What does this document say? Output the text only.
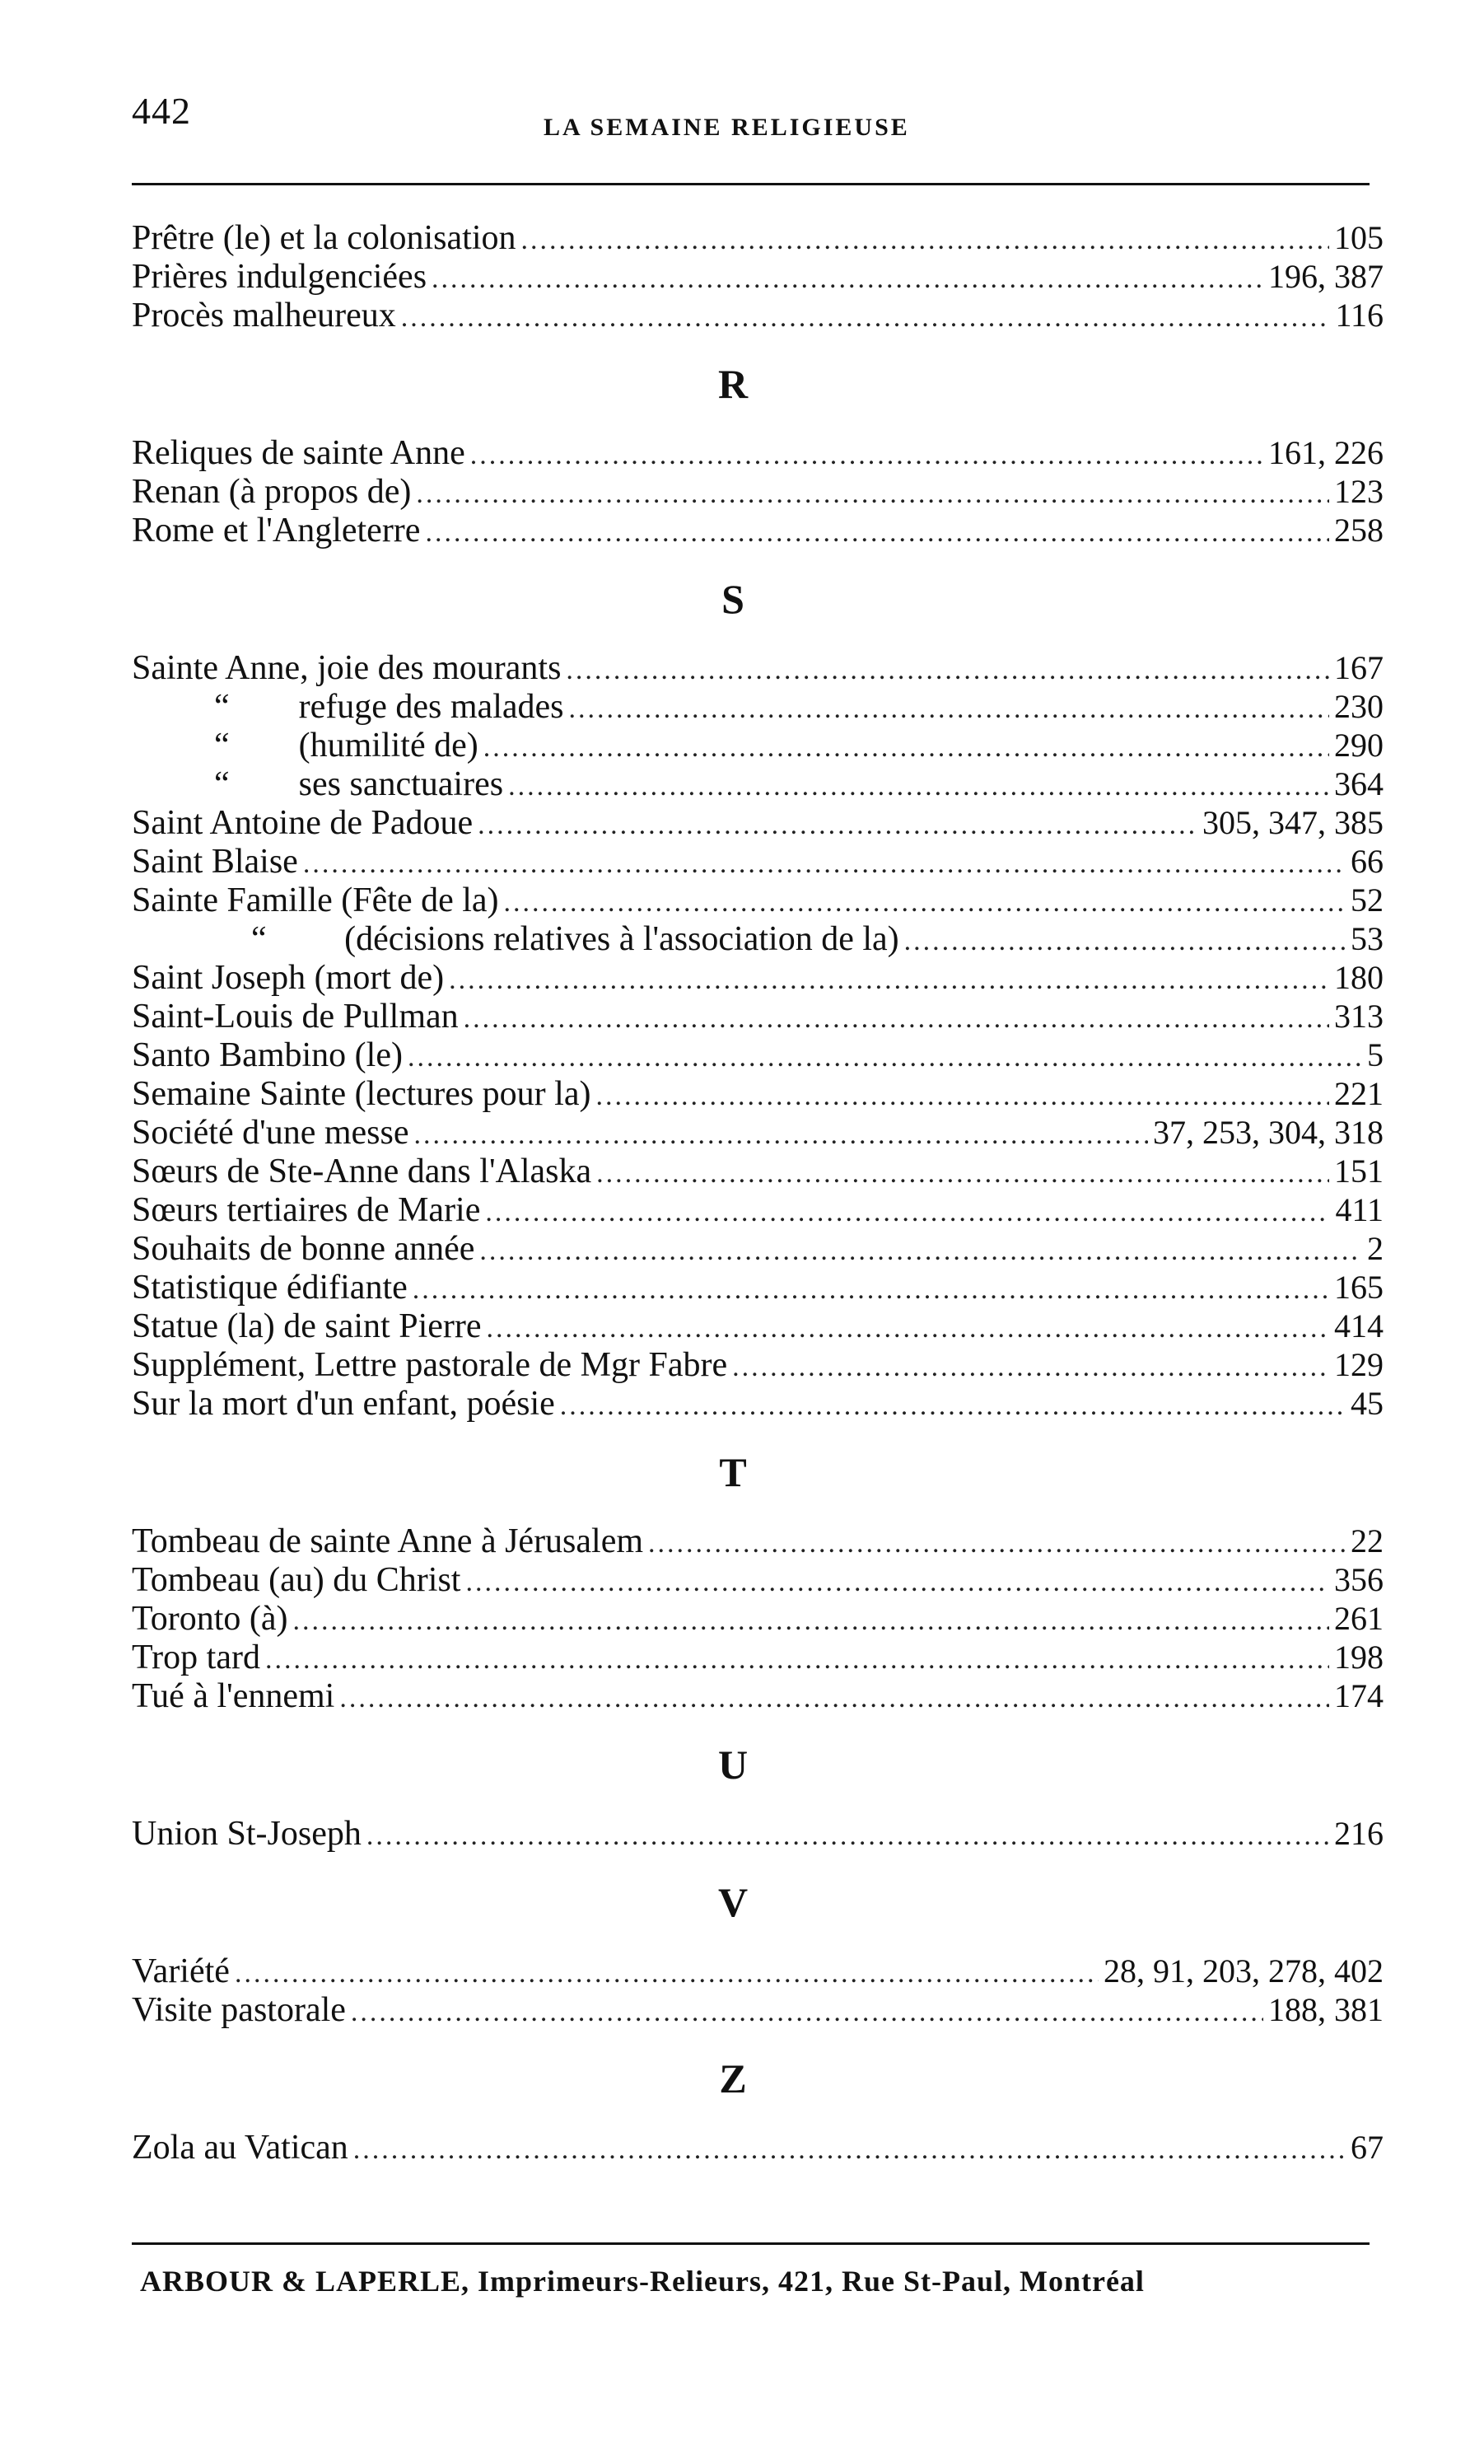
442	LA SEMAINE RELIGIEUSE
Prêtre (le) et la colonisation .....	105
Prières indulgenciées .....	196, 387
Procès malheureux .....	116
R
Reliques de sainte Anne .....	161, 226
Renan (à propos de) .....	123
Rome et l'Angleterre .....	258
S
Sainte Anne, joie des mourants .....	167
“        refuge des malades .....	230
“        (humilité de) .....	290
“        ses sanctuaires .....	364
Saint Antoine de Padoue .....	305, 347, 385
Saint Blaise .....	66
Sainte Famille (Fête de la) .....	52
“         (décisions relatives à l'association de la) .....	53
Saint Joseph (mort de) .....	180
Saint-Louis de Pullman .....	313
Santo Bambino (le) .....	5
Semaine Sainte (lectures pour la) .....	221
Société d'une messe .....	37, 253, 304, 318
Sœurs de Ste-Anne dans l'Alaska .....	151
Sœurs tertiaires de Marie .....	411
Souhaits de bonne année .....	2
Statistique édifiante .....	165
Statue (la) de saint Pierre .....	414
Supplément, Lettre pastorale de Mgr Fabre .....	129
Sur la mort d'un enfant, poésie .....	45
T
Tombeau de sainte Anne à Jérusalem .....	22
Tombeau (au) du Christ .....	356
Toronto (à) .....	261
Trop tard .....	198
Tué à l'ennemi .....	174
U
Union St-Joseph .....	216
V
Variété .....	28, 91, 203, 278, 402
Visite pastorale .....	188, 381
Z
Zola au Vatican .....	67
ARBOUR & LAPERLE, Imprimeurs-Relieurs, 421, Rue St-Paul, Montréal
